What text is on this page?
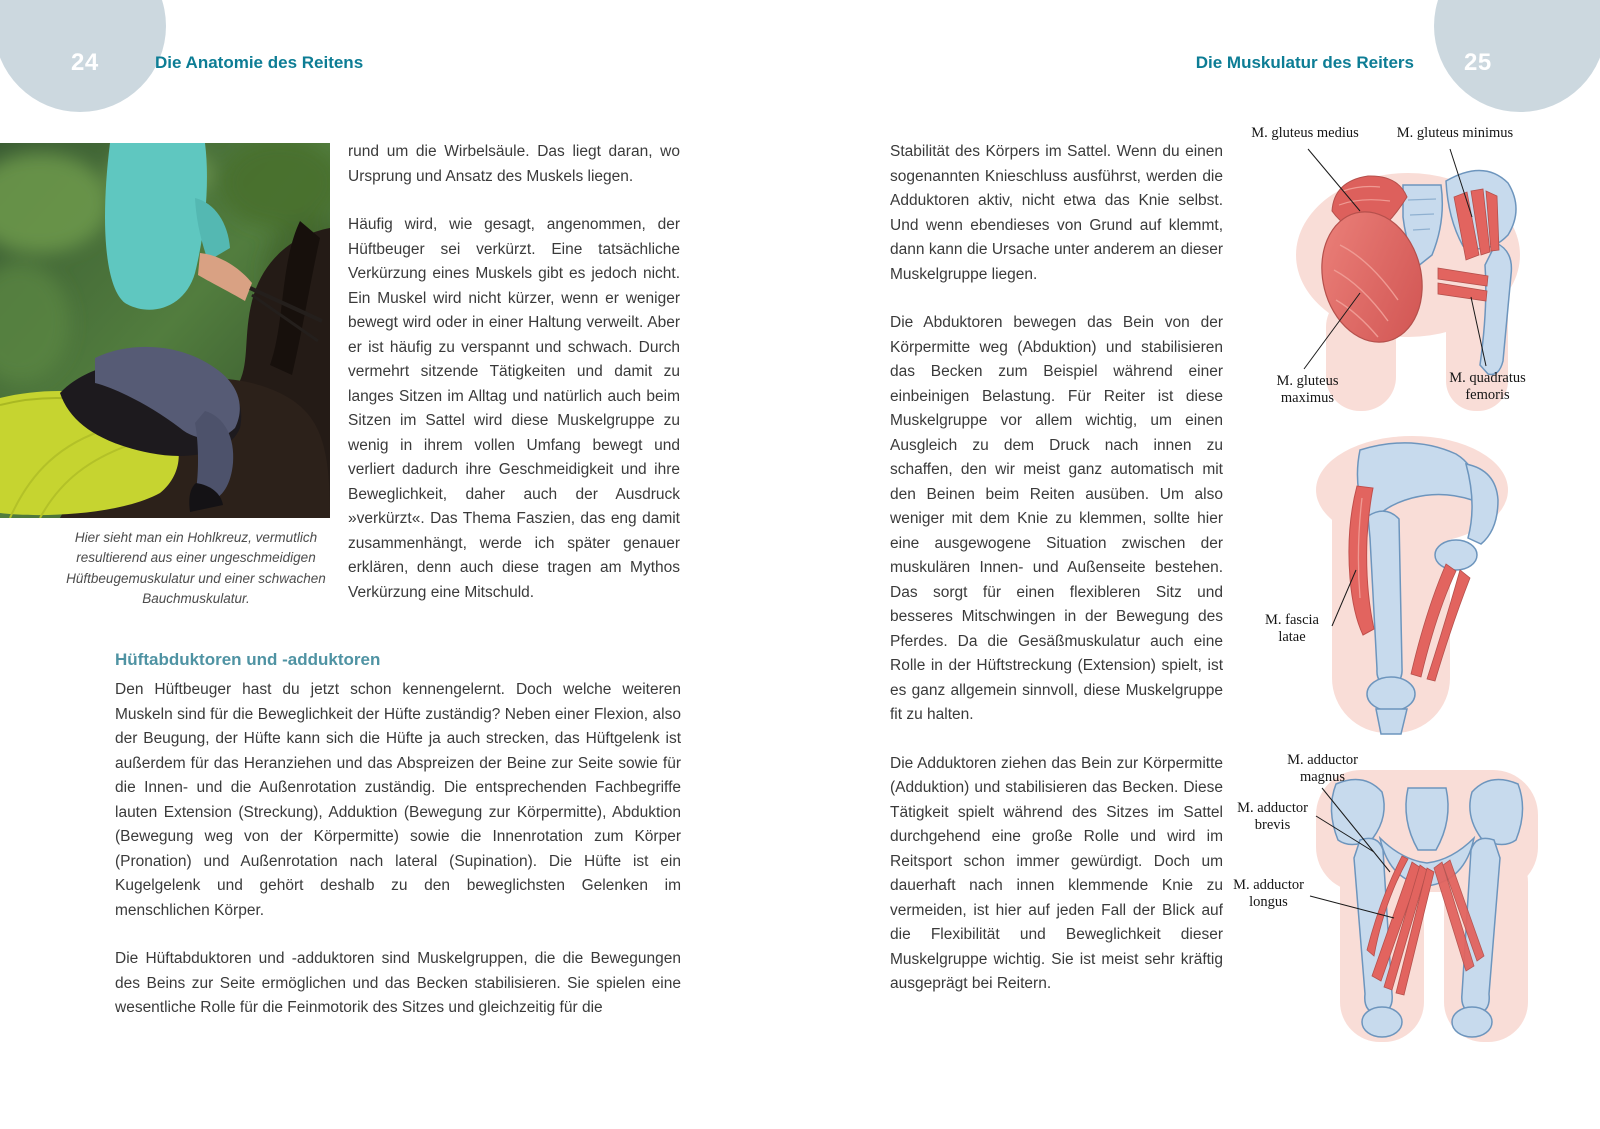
24	Die Anatomie des Reitens	Die Muskulatur des Reiters 25
Hier sieht man ein Hohlkreuz, vermutlich resultierend aus einer ungeschmeidigen Hüftbeugemuskulatur und einer schwachen Bauchmuskulatur.

rund um die Wirbelsäule. Das liegt daran, wo Ursprung und Ansatz des Muskels liegen.

Häufig wird, wie gesagt, angenommen, der Hüftbeuger sei verkürzt. Eine tatsächliche Verkürzung eines Muskels gibt es jedoch nicht. Ein Muskel wird nicht kürzer, wenn er weniger bewegt wird oder in einer Haltung verweilt. Aber er ist häufig zu verspannt und schwach. Durch vermehrt sitzende Tätigkeiten und damit zu langes Sitzen im Alltag und natürlich auch beim Sitzen im Sattel wird diese Muskelgruppe zu wenig in ihrem vollen Umfang bewegt und verliert dadurch ihre Geschmeidigkeit und ihre Beweglichkeit, daher auch der Ausdruck »verkürzt«. Das Thema Faszien, das eng damit zusammenhängt, werde ich später genauer erklären, denn auch diese tragen am Mythos Verkürzung eine Mitschuld.

Hüftabduktoren und -adduktoren

Den Hüftbeuger hast du jetzt schon kennengelernt. Doch welche weiteren Muskeln sind für die Beweglichkeit der Hüfte zuständig? Neben einer Flexion, also der Beugung, der Hüfte kann sich die Hüfte ja auch strecken, das Hüftgelenk ist außerdem für das Heranziehen und das Abspreizen der Beine zur Seite sowie für die Innen- und die Außenrotation zuständig. Die entsprechenden Fachbegriffe lauten Extension (Streckung), Adduktion (Bewegung zur Körpermitte), Abduktion (Bewegung weg von der Körpermitte) sowie die Innenrotation zum Körper (Pronation) und Außenrotation nach lateral (Supination). Die Hüfte ist ein Kugelgelenk und gehört deshalb zu den beweglichsten Gelenken im menschlichen Körper.

Die Hüftabduktoren und -adduktoren sind Muskelgruppen, die die Bewegungen des Beins zur Seite ermöglichen und das Becken stabilisieren. Sie spielen eine wesentliche Rolle für die Feinmotorik des Sitzes und gleichzeitig für die

Stabilität des Körpers im Sattel. Wenn du einen sogenannten Knieschluss ausführst, werden die Adduktoren aktiv, nicht etwa das Knie selbst. Und wenn ebendieses von Grund auf klemmt, dann kann die Ursache unter anderem an dieser Muskelgruppe liegen.

Die Abduktoren bewegen das Bein von der Körpermitte weg (Abduktion) und stabilisieren das Becken zum Beispiel während einer einbeinigen Belastung. Für Reiter ist diese Muskelgruppe vor allem wichtig, um einen Ausgleich zu dem Druck nach innen zu schaffen, den wir meist ganz automatisch mit den Beinen beim Reiten ausüben. Um also weniger mit dem Knie zu klemmen, sollte hier eine ausgewogene Situation zwischen der muskulären Innen- und Außenseite bestehen. Das sorgt für einen flexibleren Sitz und besseres Mitschwingen in der Bewegung des Pferdes. Da die Gesäßmuskulatur auch eine Rolle in der Hüftstreckung (Extension) spielt, ist es ganz allgemein sinnvoll, diese Muskelgruppe fit zu halten.

Die Adduktoren ziehen das Bein zur Körpermitte (Adduktion) und stabilisieren das Becken. Diese Tätigkeit spielt während des Sitzes im Sattel durchgehend eine große Rolle und wird im Reitsport schon immer gewürdigt. Doch um dauerhaft nach innen klemmende Knie zu vermeiden, ist hier auf jeden Fall der Blick auf die Flexibilität und Beweglichkeit dieser Muskelgruppe wichtig. Sie ist meist sehr kräftig ausgeprägt bei Reitern.

M. gluteus medius	M. gluteus minimus
M. gluteus maximus
M. quadratus femoris
M. fascia latae
M. adductor magnus
M. adductor brevis
M. adductor longus
